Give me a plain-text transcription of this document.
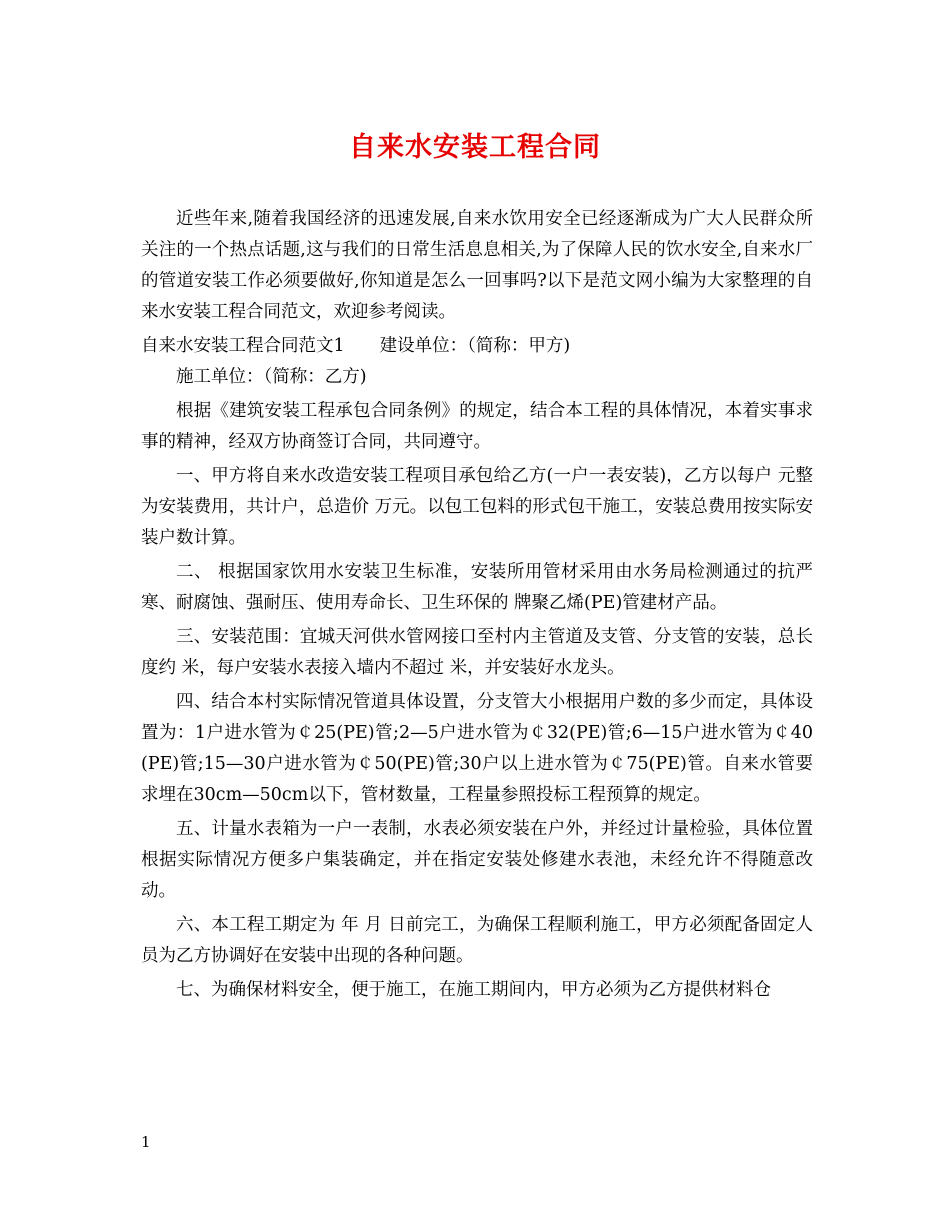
自来水安装工程合同

近些年来,随着我国经济的迅速发展,自来水饮用安全已经逐渐成为广大人民群众所关注的一个热点话题,这与我们的日常生活息息相关,为了保障人民的饮水安全,自来水厂的管道安装工作必须要做好,你知道是怎么一回事吗?以下是范文网小编为大家整理的自来水安装工程合同范文，欢迎参考阅读。

自来水安装工程合同范文1　　建设单位：（简称：甲方)

施工单位：（简称：乙方)

根据《建筑安装工程承包合同条例》的规定，结合本工程的具体情况，本着实事求事的精神，经双方协商签订合同，共同遵守。

一、甲方将自来水改造安装工程项目承包给乙方(一户一表安装)，乙方以每户 元整为安装费用，共计户，总造价 万元。以包工包料的形式包干施工，安装总费用按实际安装户数计算。

二、 根据国家饮用水安装卫生标准，安装所用管材采用由水务局检测通过的抗严寒、耐腐蚀、强耐压、使用寿命长、卫生环保的 牌聚乙烯(PE)管建材产品。

三、安装范围：宜城天河供水管网接口至村内主管道及支管、分支管的安装，总长度约 米，每户安装水表接入墙内不超过 米，并安装好水龙头。

四、结合本村实际情况管道具体设置，分支管大小根据用户数的多少而定，具体设置为：1户进水管为￠25(PE)管;2—5户进水管为￠32(PE)管;6—15户进水管为￠40(PE)管;15—30户进水管为￠50(PE)管;30户以上进水管为￠75(PE)管。自来水管要求埋在30cm—50cm以下，管材数量，工程量参照投标工程预算的规定。

五、计量水表箱为一户一表制，水表必须安装在户外，并经过计量检验，具体位置根据实际情况方便多户集装确定，并在指定安装处修建水表池，未经允许不得随意改动。

六、本工程工期定为 年 月 日前完工，为确保工程顺利施工，甲方必须配备固定人员为乙方协调好在安装中出现的各种问题。

七、为确保材料安全，便于施工，在施工期间内，甲方必须为乙方提供材料仓

1
